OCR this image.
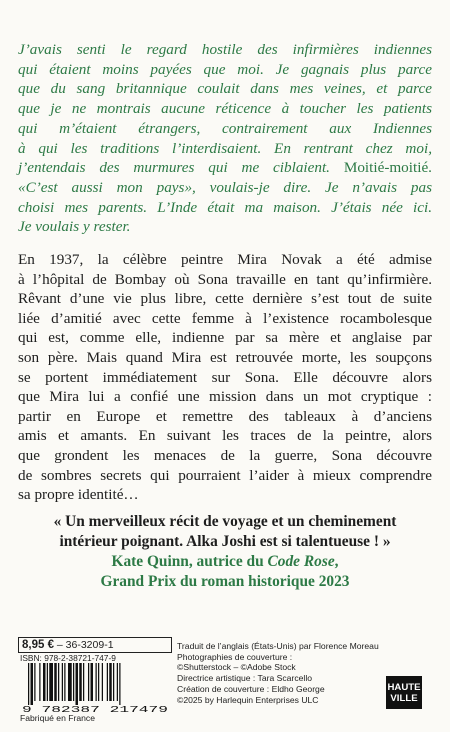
J’avais senti le regard hostile des infirmières indiennes
qui étaient moins payées que moi. Je gagnais plus parce
que du sang britannique coulait dans mes veines, et parce
que je ne montrais aucune réticence à toucher les patients
qui m’étaient étrangers, contrairement aux Indiennes
à qui les traditions l’interdisaient. En rentrant chez moi,
j’entendais des murmures qui me ciblaient. Moitié-moitié.
«C’est aussi mon pays», voulais-je dire. Je n’avais pas
choisi mes parents. L’Inde était ma maison. J’étais née ici.
Je voulais y rester.
En 1937, la célèbre peintre Mira Novak a été admise
à l’hôpital de Bombay où Sona travaille en tant qu’infirmière.
Rêvant d’une vie plus libre, cette dernière s’est tout de suite
liée d’amitié avec cette femme à l’existence rocambolesque
qui est, comme elle, indienne par sa mère et anglaise par
son père. Mais quand Mira est retrouvée morte, les soupçons
se portent immédiatement sur Sona. Elle découvre alors
que Mira lui a confié une mission dans un mot cryptique :
partir en Europe et remettre des tableaux à d’anciens
amis et amants. En suivant les traces de la peintre, alors
que grondent les menaces de la guerre, Sona découvre
de sombres secrets qui pourraient l’aider à mieux comprendre
sa propre identité…
« Un merveilleux récit de voyage et un cheminement
intérieur poignant. Alka Joshi est si talentueuse ! »
Kate Quinn, autrice du Code Rose,
Grand Prix du roman historique 2023
8,95 € – 36-3209-1
ISBN: 978-2-38721-747-9
9 782387 217479
Fabriqué en France
Traduit de l’anglais (États-Unis) par Florence Moreau
Photographies de couverture :
©Shutterstock – ©Adobe Stock
Directrice artistique : Tara Scarcello
Création de couverture : Eldho George
©2025 by Harlequin Enterprises ULC
HAUTE
VILLE
